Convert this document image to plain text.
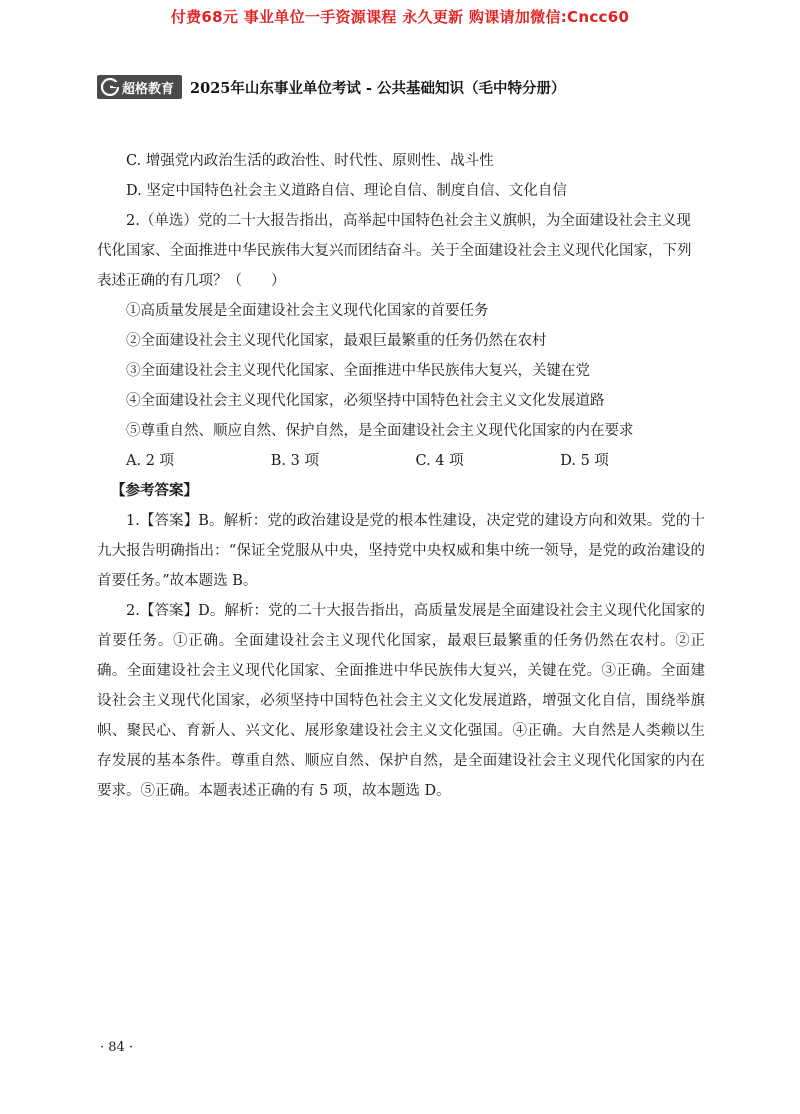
付费68元 事业单位一手资源课程 永久更新 购课请加微信:Cncc60
超格教育 2025年山东事业单位考试 - 公共基础知识（毛中特分册）

C. 增强党内政治生活的政治性、时代性、原则性、战斗性

D. 坚定中国特色社会主义道路自信、理论自信、制度自信、文化自信

2.（单选）党的二十大报告指出，高举起中国特色社会主义旗帜，为全面建设社会主义现

代化国家、全面推进中华民族伟大复兴而团结奋斗。关于全面建设社会主义现代化国家，下列

表述正确的有几项？（　　）

①高质量发展是全面建设社会主义现代化国家的首要任务

②全面建设社会主义现代化国家，最艰巨最繁重的任务仍然在农村

③全面建设社会主义现代化国家、全面推进中华民族伟大复兴，关键在党

④全面建设社会主义现代化国家，必须坚持中国特色社会主义文化发展道路

⑤尊重自然、顺应自然、保护自然，是全面建设社会主义现代化国家的内在要求

A. 2 项	B. 3 项	C. 4 项	D. 5 项

【参考答案】

1.【答案】B。解析：党的政治建设是党的根本性建设，决定党的建设方向和效果。党的十九大报告明确指出：“保证全党服从中央，坚持党中央权威和集中统一领导，是党的政治建设的首要任务。”故本题选 B。

2.【答案】D。解析：党的二十大报告指出，高质量发展是全面建设社会主义现代化国家的首要任务。①正确。全面建设社会主义现代化国家，最艰巨最繁重的任务仍然在农村。②正确。全面建设社会主义现代化国家、全面推进中华民族伟大复兴，关键在党。③正确。全面建设社会主义现代化国家，必须坚持中国特色社会主义文化发展道路，增强文化自信，围绕举旗帜、聚民心、育新人、兴文化、展形象建设社会主义文化强国。④正确。大自然是人类赖以生存发展的基本条件。尊重自然、顺应自然、保护自然，是全面建设社会主义现代化国家的内在要求。⑤正确。本题表述正确的有 5 项，故本题选 D。

· 84 ·
